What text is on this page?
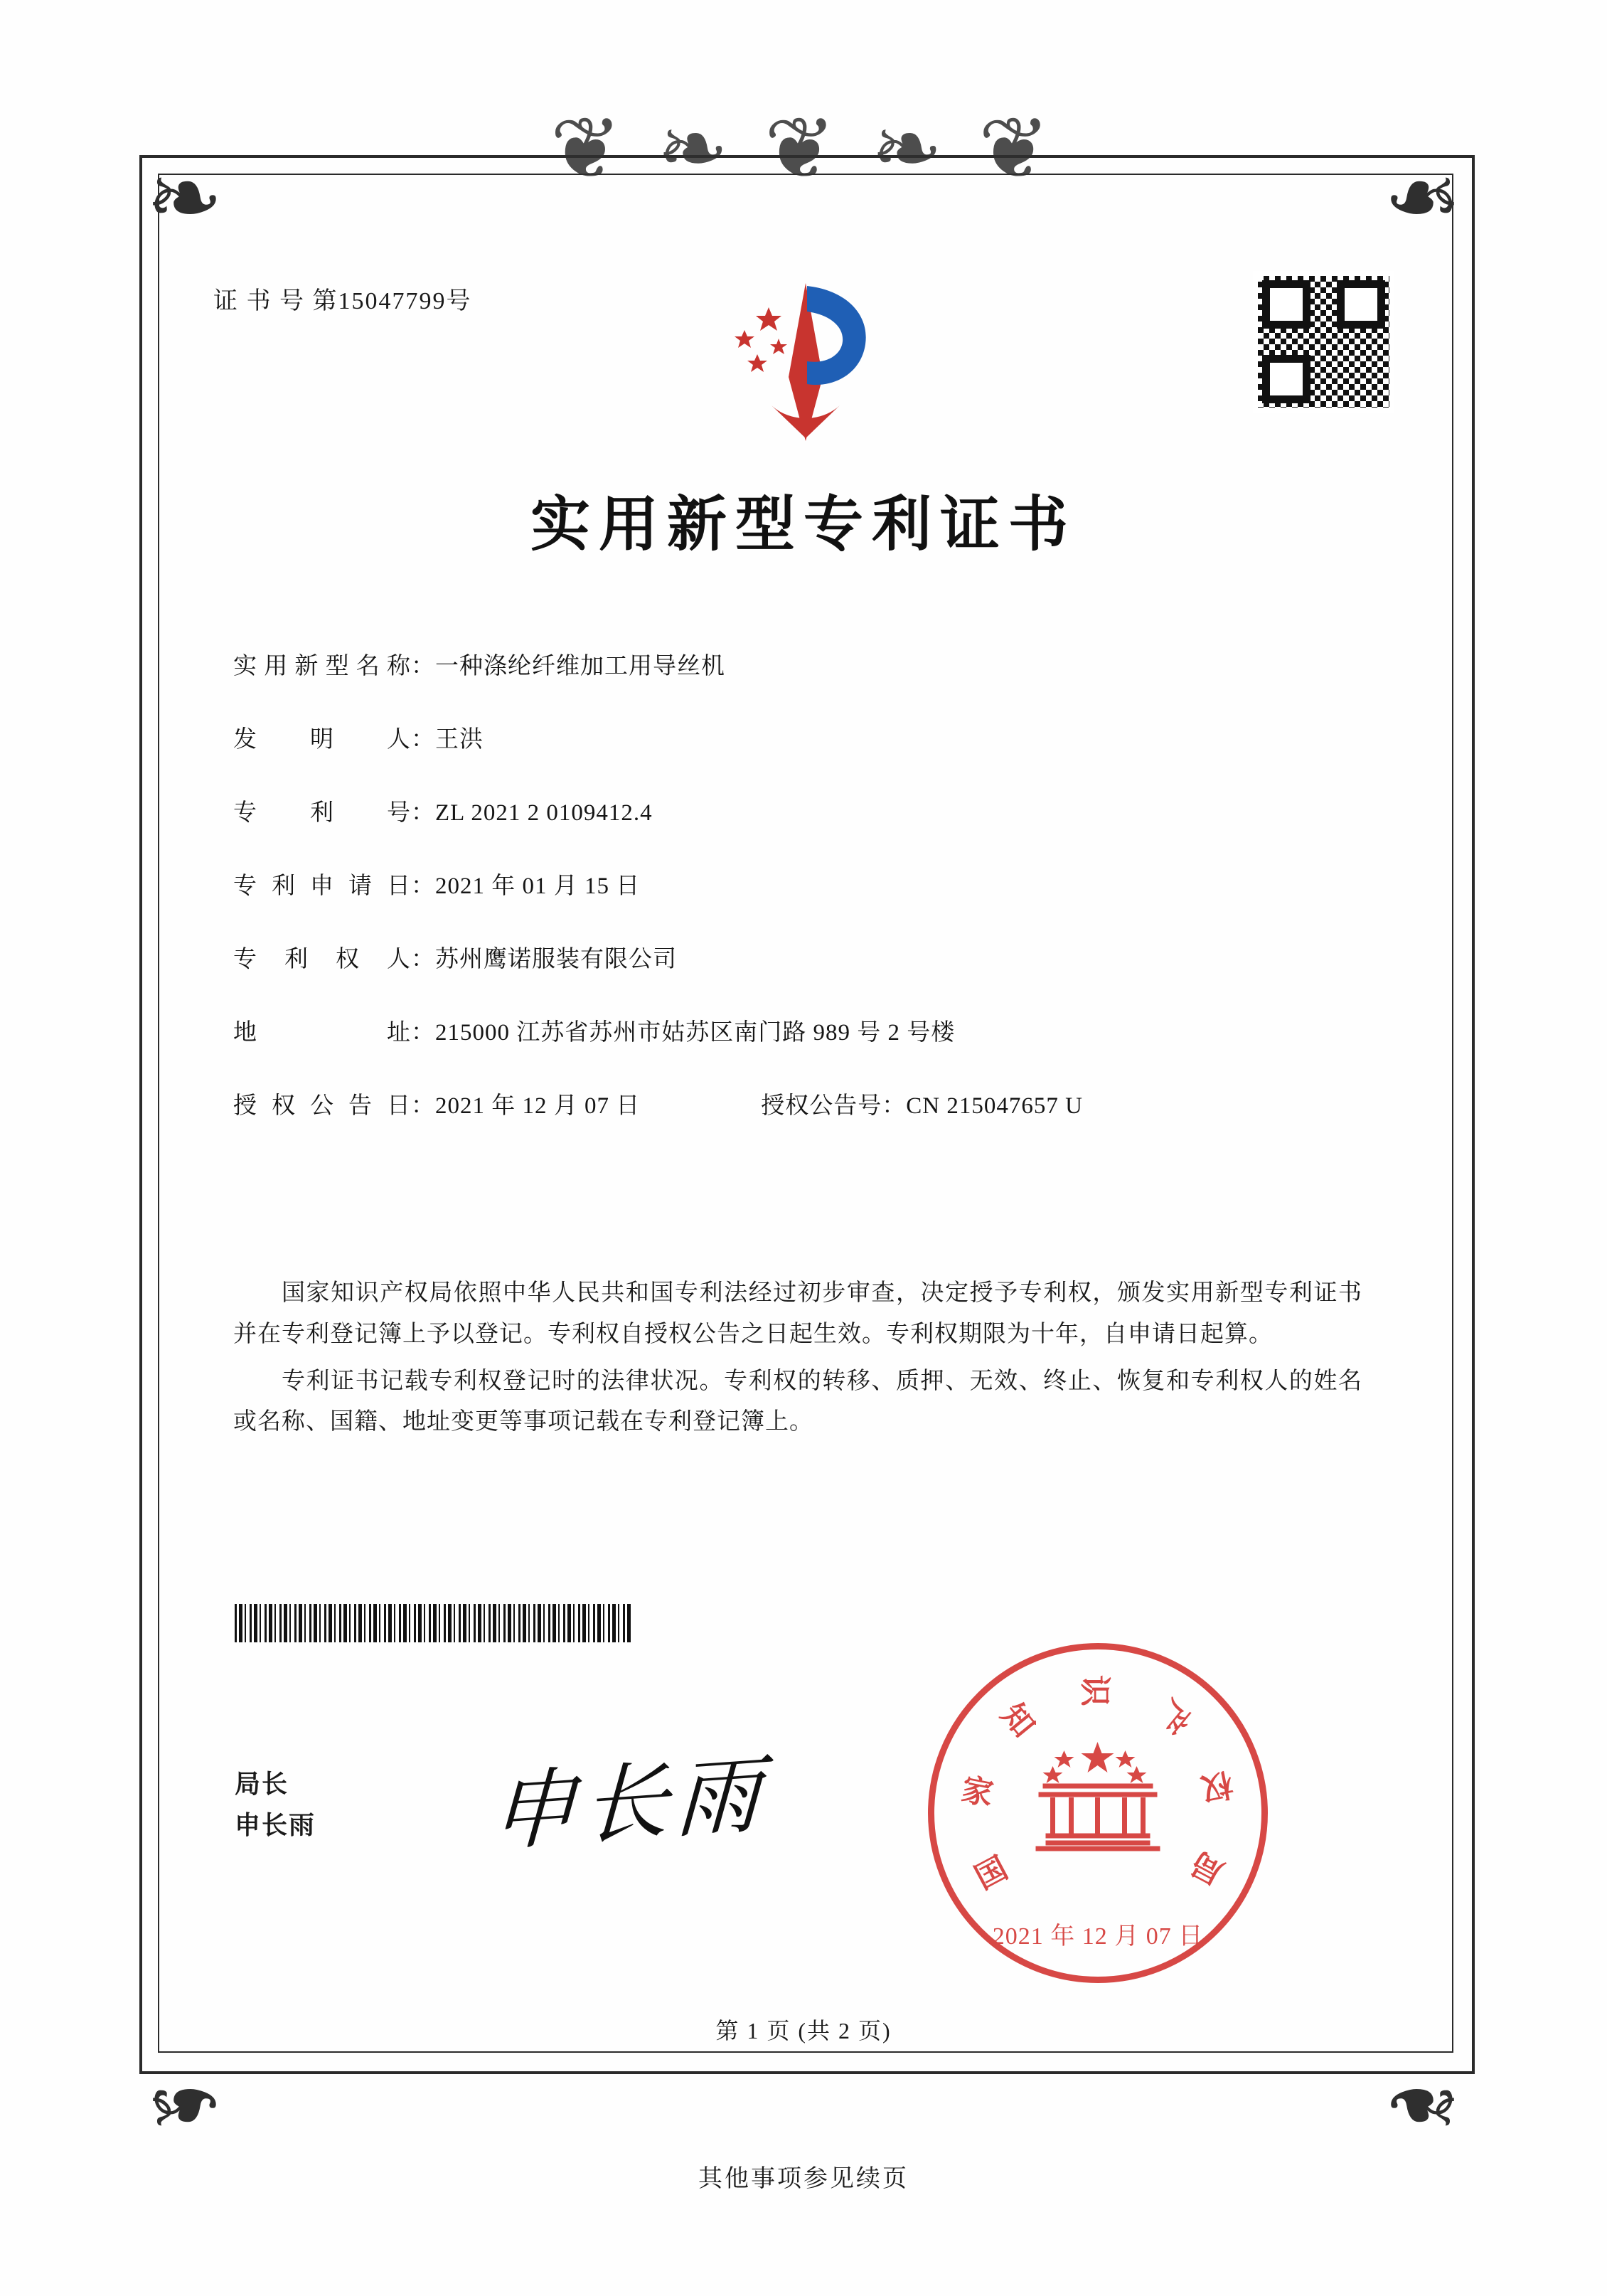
❦ ❧ ❦ ❧ ❦
❧	❧
❧	❧
证 书 号 第15047799号
实用新型专利证书
实用新型名称 ：一种涤纶纤维加工用导丝机
发明人 ：王洪
专利号 ：ZL 2021 2 0109412.4
专利申请日 ：2021 年 01 月 15 日
专利权人 ：苏州鹰诺服装有限公司
地址 ：215000 江苏省苏州市姑苏区南门路 989 号 2 号楼
授权公告日 ：2021 年 12 月 07 日	授权公告号 ：CN 215047657 U
国家知识产权局依照中华人民共和国专利法经过初步审查，决定授予专利权，颁发实用新型专利证书并在专利登记簿上予以登记。专利权自授权公告之日起生效。专利权期限为十年，自申请日起算。
专利证书记载专利权登记时的法律状况。专利权的转移、质押、无效、终止、恢复和专利权人的姓名或名称、国籍、地址变更等事项记载在专利登记簿上。
局长
申长雨 申长雨
国
家
知
识
产
权
局
2021 年 12 月 07 日
第 1 页 (共 2 页)
其他事项参见续页
